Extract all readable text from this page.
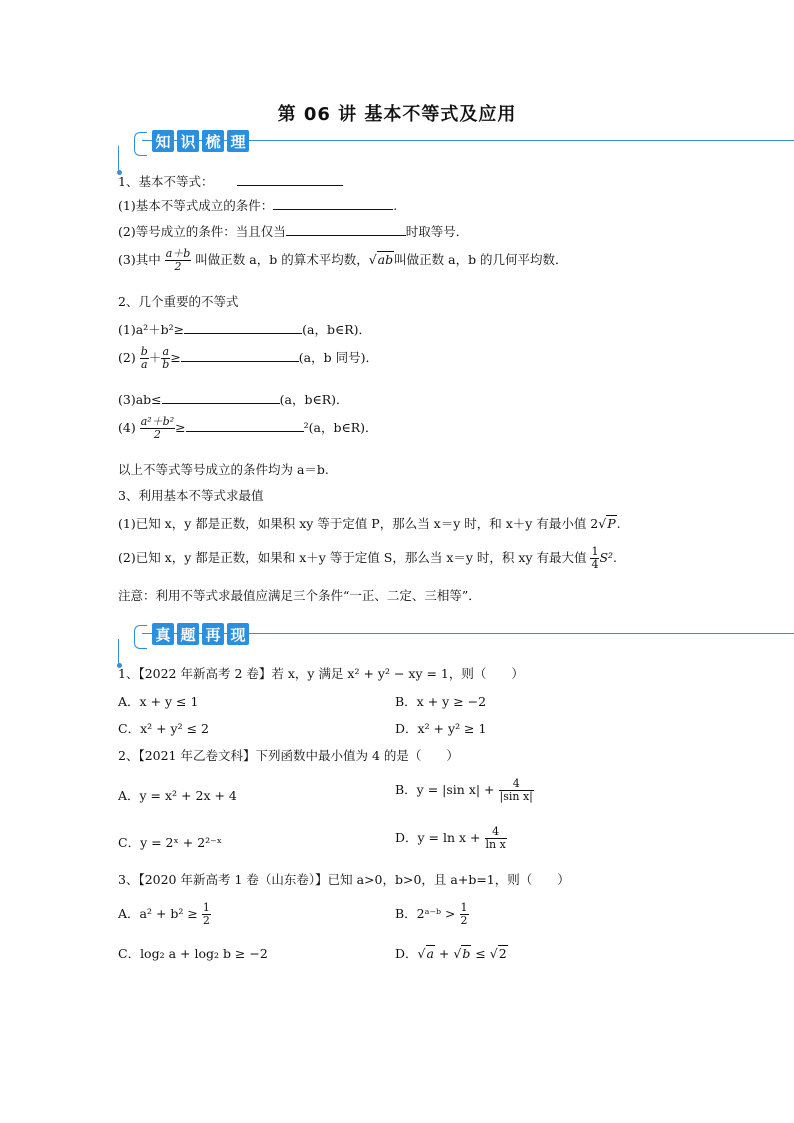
第 06 讲 基本不等式及应用
知 识 梳 理
1、基本不等式：
(1)基本不等式成立的条件：	.
(2)等号成立的条件：当且仅当	时取等号．
(3)其中 $\frac{a+b}{2}$ 叫做正数 a，b 的算术平均数，√ab叫做正数 a，b 的几何平均数．
2、几个重要的不等式
(1)a²＋b²≥	(a，b∈R)．
$(2) \frac{b}{a} + \frac{a}{b}$ ≥	(a，b 同号)．
(3)ab≤	(a，b∈R)．
$(4) \frac{\text{a²＋b²}}{2}$ ≥	²(a，b∈R)．
以上不等式等号成立的条件均为 a＝b.
3、利用基本不等式求最值
(1)已知 x，y 都是正数，如果积 xy 等于定值 P，那么当 x＝y 时，和 x＋y 有最小值 2√P.
(2)已知 x，y 都是正数，如果和 x＋y 等于定值 S，那么当 x＝y 时，积 xy 有最大值 $\frac{1}{4} S^2$.
注意：利用不等式求最值应满足三个条件“一正、二定、三相等”．
真 题 再 现
1、【2022 年新高考 2 卷】若 x，y 满足 x² + y² − xy = 1，则（　　）
A．x + y ≤ 1	B．x + y ≥ −2
C．x² + y² ≤ 2	D．x² + y² ≥ 1
2、【2021 年乙卷文科】下列函数中最小值为 4 的是（　　）
A．y = x² + 2x + 4	B．y = |sin $x| + \frac{4}{\text{|sin x|}}$
C．y = 2ˣ + 2²⁻ˣ	D．$y = \ln x + \frac{4}{\text{ln x}}$
3、【2020 年新高考 1 卷（山东卷）】已知 a>0，b>0，且 a+b=1，则（　　）
A．$a^2 + b^2 \ge \frac{1}{2}$	B．2ᵃ⁻ᵇ > $\frac{1}{2}$
C．log₂ a + log₂ b ≥ −2	D．√a + √b ≤ √2
